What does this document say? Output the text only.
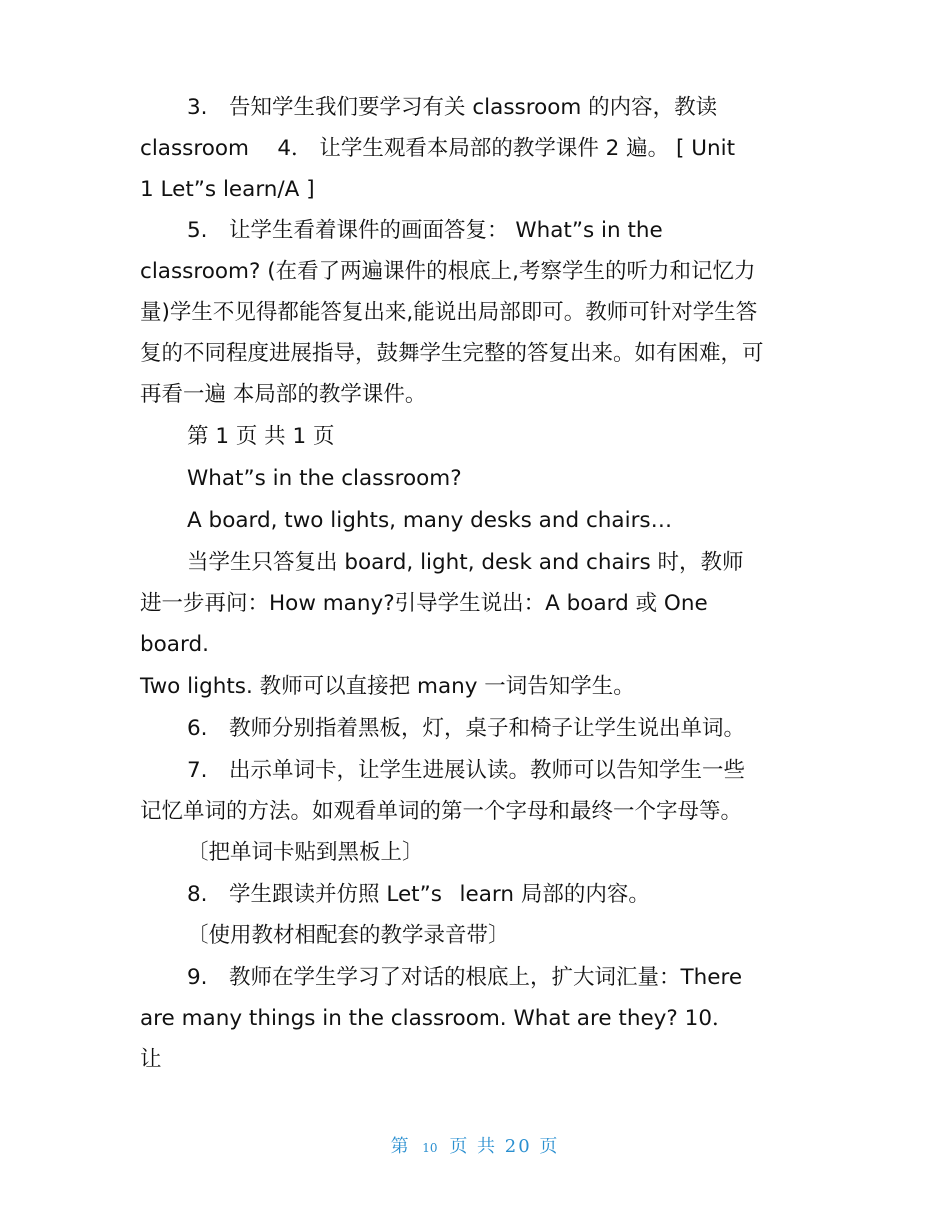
3. 告知学生我们要学习有关 classroom 的内容，教读

classroom  4． 让学生观看本局部的教学课件 2 遍。 [ Unit

1 Let”s learn/A ]

5. 让学生看着课件的画面答复： What”s in the

classroom? (在看了两遍课件的根底上,考察学生的听力和记忆力

量)学生不见得都能答复出来,能说出局部即可。教师可针对学生答

复的不同程度进展指导，鼓舞学生完整的答复出来。如有困难，可

再看一遍 本局部的教学课件。

第 1 页 共 1 页

What”s in the classroom?

A board, two lights, many desks and chairs…

当学生只答复出 board, light, desk and chairs 时，教师

进一步再问：How many?引导学生说出：A board 或 One

board.

Two lights. 教师可以直接把 many 一词告知学生。

6. 教师分别指着黑板，灯，桌子和椅子让学生说出单词。

7. 出示单词卡，让学生进展认读。教师可以告知学生一些

记忆单词的方法。如观看单词的第一个字母和最终一个字母等。

〔把单词卡贴到黑板上〕

8. 学生跟读并仿照 Let”s  learn 局部的内容。

〔使用教材相配套的教学录音带〕

9. 教师在学生学习了对话的根底上，扩大词汇量：There

are many things in the classroom. What are they? 10．

让

第 10 页 共 20 页
